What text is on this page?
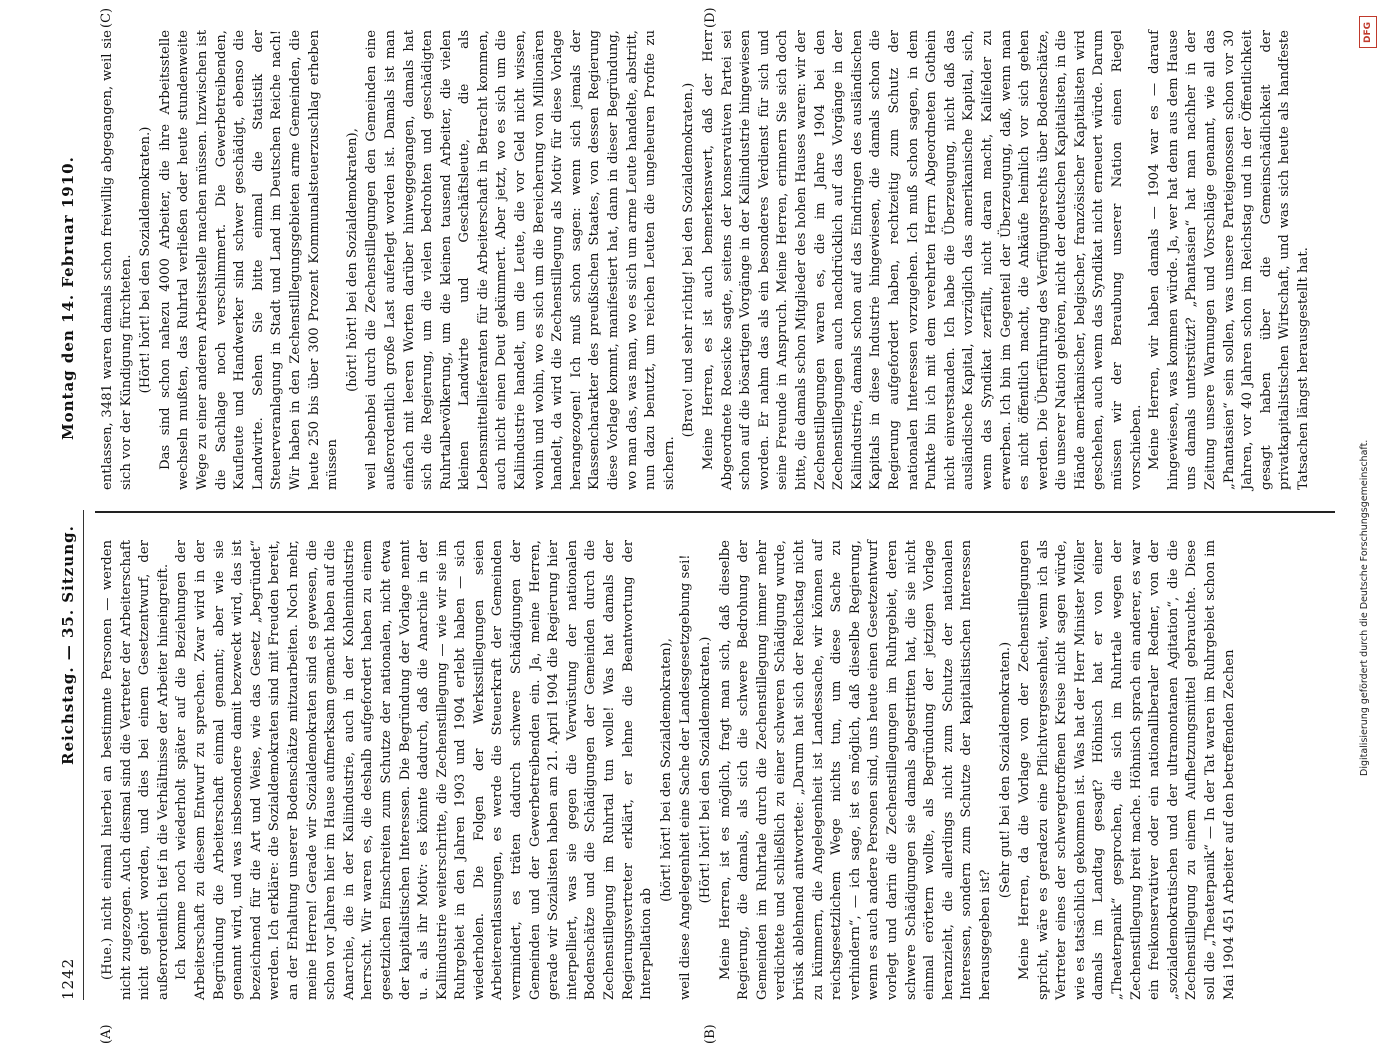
1242
Reichstag. — 35. Sitzung.
Montag den 14. Februar 1910.
(A)	(B)
(C)	(D)

(Hue.) nicht einmal hierbei an bestimmte Personen — werden nicht zugezogen. Auch diesmal sind die Vertreter der Arbeiterschaft nicht gehört worden, und dies bei einem Gesetzentwurf, der außerordentlich tief in die Verhältnisse der Arbeiter hineingreift. Ich komme noch wiederholt später auf die Beziehungen der Arbeiterschaft zu diesem Entwurf zu sprechen. Zwar wird in der Begründung die Arbeiterschaft einmal genannt; aber wie sie genannt wird, und was insbesondere damit bezweckt wird, das ist bezeichnend für die Art und Weise, wie das Gesetz „begründet“ werden. Ich erkläre: die Sozialdemokraten sind mit Freuden bereit, an der Erhaltung unserer Bodenschätze mitzuarbeiten. Noch mehr, meine Herren! Gerade wir Sozialdemokraten sind es gewesen, die schon vor Jahren hier im Hause aufmerksam gemacht haben auf die Anarchie, die in der Kaliindustrie, auch in der Kohlenindustrie herrscht. Wir waren es, die deshalb aufgefordert haben zu einem gesetzlichen Einschreiten zum Schutze der nationalen, nicht etwa der kapitalistischen Interessen. Die Begründung der Vorlage nennt u. a. als ihr Motiv: es könnte dadurch, daß die Anarchie in der Kaliindustrie weiterschritte, die Zechenstillegung — wie wir sie im Ruhrgebiet in den Jahren 1903 und 1904 erlebt haben — sich wiederholen. Die Folgen der Werksstillegungen seien Arbeiterentlassungen, es werde die Steuerkraft der Gemeinden vermindert, es träten dadurch schwere Schädigungen der Gemeinden und der Gewerbetreibenden ein. Ja, meine Herren, gerade wir Sozialisten haben am 21. April 1904 die Regierung hier interpelliert, was sie gegen die Verwüstung der nationalen Bodenschätze und die Schädigungen der Gemeinden durch die Zechenstillegung im Ruhrtal tun wolle! Was hat damals der Regierungsvertreter erklärt, er lehne die Beantwortung der Interpellation ab

(hört! hört! bei den Sozialdemokraten), weil diese Angelegenheit eine Sache der Landesgesetzgebung sei! (Hört! hört! bei den Sozialdemokraten.) Meine Herren, ist es möglich, fragt man sich, daß dieselbe Regierung, die damals, als sich die schwere Bedrohung der Gemeinden im Ruhrtale durch die Zechenstillegung immer mehr verdichtete und schließlich zu einer schweren Schädigung wurde, brüsk ablehnend antwortete: „Darum hat sich der Reichstag nicht zu kümmern, die Angelegenheit ist Landessache, wir können auf reichsgesetzlichem Wege nichts tun, um diese Sache zu verhindern“, — ich sage, ist es möglich, daß dieselbe Regierung, wenn es auch andere Personen sind, uns heute einen Gesetzentwurf vorlegt und darin die Zechenstillegungen im Ruhrgebiet, deren schwere Schädigungen sie damals abgestritten hat, die sie nicht einmal erörtern wollte, als Begründung der jetzigen Vorlage heranzieht, die allerdings nicht zum Schutze der nationalen Interessen, sondern zum Schutze der kapitalistischen Interessen herausgegeben ist?

(Sehr gut! bei den Sozialdemokraten.) Meine Herren, da die Vorlage von der Zechenstillegungen spricht, wäre es geradezu eine Pflichtvergessenheit, wenn ich als Vertreter eines der schwergetroffenen Kreise nicht sagen würde, wie es tatsächlich gekommen ist. Was hat der Herr Minister Möller damals im Landtag gesagt? Höhnisch hat er von einer „Theaterpanik“ gesprochen, die sich im Ruhrtale wegen der Zechenstillegung breit mache. Höhnisch sprach ein anderer, es war ein freikonservativer oder ein nationalliberaler Redner, von der „sozialdemokratischen und der ultramontanen Agitation“, die die Zechenstillegung zu einem Aufhetzungsmittel gebrauchte. Diese soll die „Theaterpanik“ — In der Tat waren im Ruhrgebiet schon im Mai 1904 451 Arbeiter auf den betreffenden Zechen

entlassen, 3481 waren damals schon freiwillig abgegangen, weil sie sich vor der Kündigung fürchteten. (Hört! hört! bei den Sozialdemokraten.) Das sind schon nahezu 4000 Arbeiter, die ihre Arbeitsstelle wechseln mußten, das Ruhrtal verließen oder heute stundenweite Wege zu einer anderen Arbeitsstelle machen müssen. Inzwischen ist die Sachlage noch verschlimmert. Die Gewerbetreibenden, Kaufleute und Handwerker sind schwer geschädigt, ebenso die Landwirte. Sehen Sie bitte einmal die Statistik der Steuerveranlagung in Stadt und Land im Deutschen Reiche nach! Wir haben in den Zechenstillegungsgebieten arme Gemeinden, die heute 250 bis über 300 Prozent Kommunalsteuerzuschlag erheben müssen

(hört! hört! bei den Sozialdemokraten), weil nebenbei durch die Zechenstillegungen den Gemeinden eine außerordentlich große Last auferlegt worden ist. Damals ist man einfach mit leeren Worten darüber hinweggegangen, damals hat sich die Regierung, um die vielen bedrohten und geschädigten Ruhrtalbevölkerung, um die kleinen tausend Arbeiter, die vielen kleinen Landwirte und Geschäftsleute, die als Lebensmittellieferanten für die Arbeiterschaft in Betracht kommen, auch nicht einen Deut gekümmert. Aber jetzt, wo es sich um die Kaliindustrie handelt, um die Leute, die vor Geld nicht wissen, wohin und wohin, wo es sich um die Bereicherung von Millionären handelt, da wird die Zechenstillegung als Motiv für diese Vorlage herangezogen! Ich muß schon sagen: wenn sich jemals der Klassencharakter des preußischen Staates, von dessen Regierung diese Vorlage kommt, manifestiert hat, dann in dieser Begründung, wo man das, was man, wo es sich um arme Leute handelte, abstritt, nun dazu benutzt, um reichen Leuten die ungeheuren Profite zu sichern.

(Bravo! und sehr richtig! bei den Sozialdemokraten.) Meine Herren, es ist auch bemerkenswert, daß der Herr Abgeordnete Roesicke sagte, seitens der konservativen Partei sei schon auf die bösartigen Vorgänge in der Kaliindustrie hingewiesen worden. Er nahm das als ein besonderes Verdienst für sich und seine Freunde in Anspruch. Meine Herren, erinnern Sie sich doch bitte, die damals schon Mitglieder des hohen Hauses waren: wir der Zechenstillegungen waren es, die im Jahre 1904 bei den Zechenstillegungen auch nachdrücklich auf das Vorgänge in der Kaliindustrie, damals schon auf das Eindringen des ausländischen Kapitals in diese Industrie hingewiesen, die damals schon die Regierung aufgefordert haben, rechtzeitig zum Schutz der nationalen Interessen vorzugehen. Ich muß schon sagen, in dem Punkte bin ich mit dem verehrten Herrn Abgeordneten Gothein nicht einverstanden. Ich habe die Überzeugung, nicht daß das ausländische Kapital, vorzüglich das amerikanische Kapital, sich, wenn das Syndikat zerfällt, nicht daran macht, Kalifelder zu erwerben. Ich bin im Gegenteil der Überzeugung, daß, wenn man es nicht öffentlich macht, die Ankäufe heimlich vor sich gehen werden. Die Überführung des Verfügungsrechts über Bodenschätze, die unserer Nation gehören, nicht der deutschen Kapitalisten, in die Hände amerikanischer, belgischer, französischer Kapitalisten wird geschehen, auch wenn das Syndikat nicht erneuert würde. Darum müssen wir der Beraubung unserer Nation einen Riegel vorschieben. Meine Herren, wir haben damals — 1904 war es — darauf hingewiesen, was kommen würde. Ja, wer hat denn aus dem Hause uns damals unterstützt? „Phantasien“ hat man nachher in der Zeitung unsere Warnungen und Vorschläge genannt, wie all das „Phantasien“ sein sollen, was unsere Parteigenossen schon vor 30 Jahren, vor 40 Jahren schon im Reichstag und in der Öffentlichkeit gesagt haben über die Gemeinschädlichkeit der privatkapitalistischen Wirtschaft, und was sich heute als handfeste Tatsachen längst herausgestellt hat.

DFG
Digitalisierung gefördert durch die Deutsche Forschungsgemeinschaft.
